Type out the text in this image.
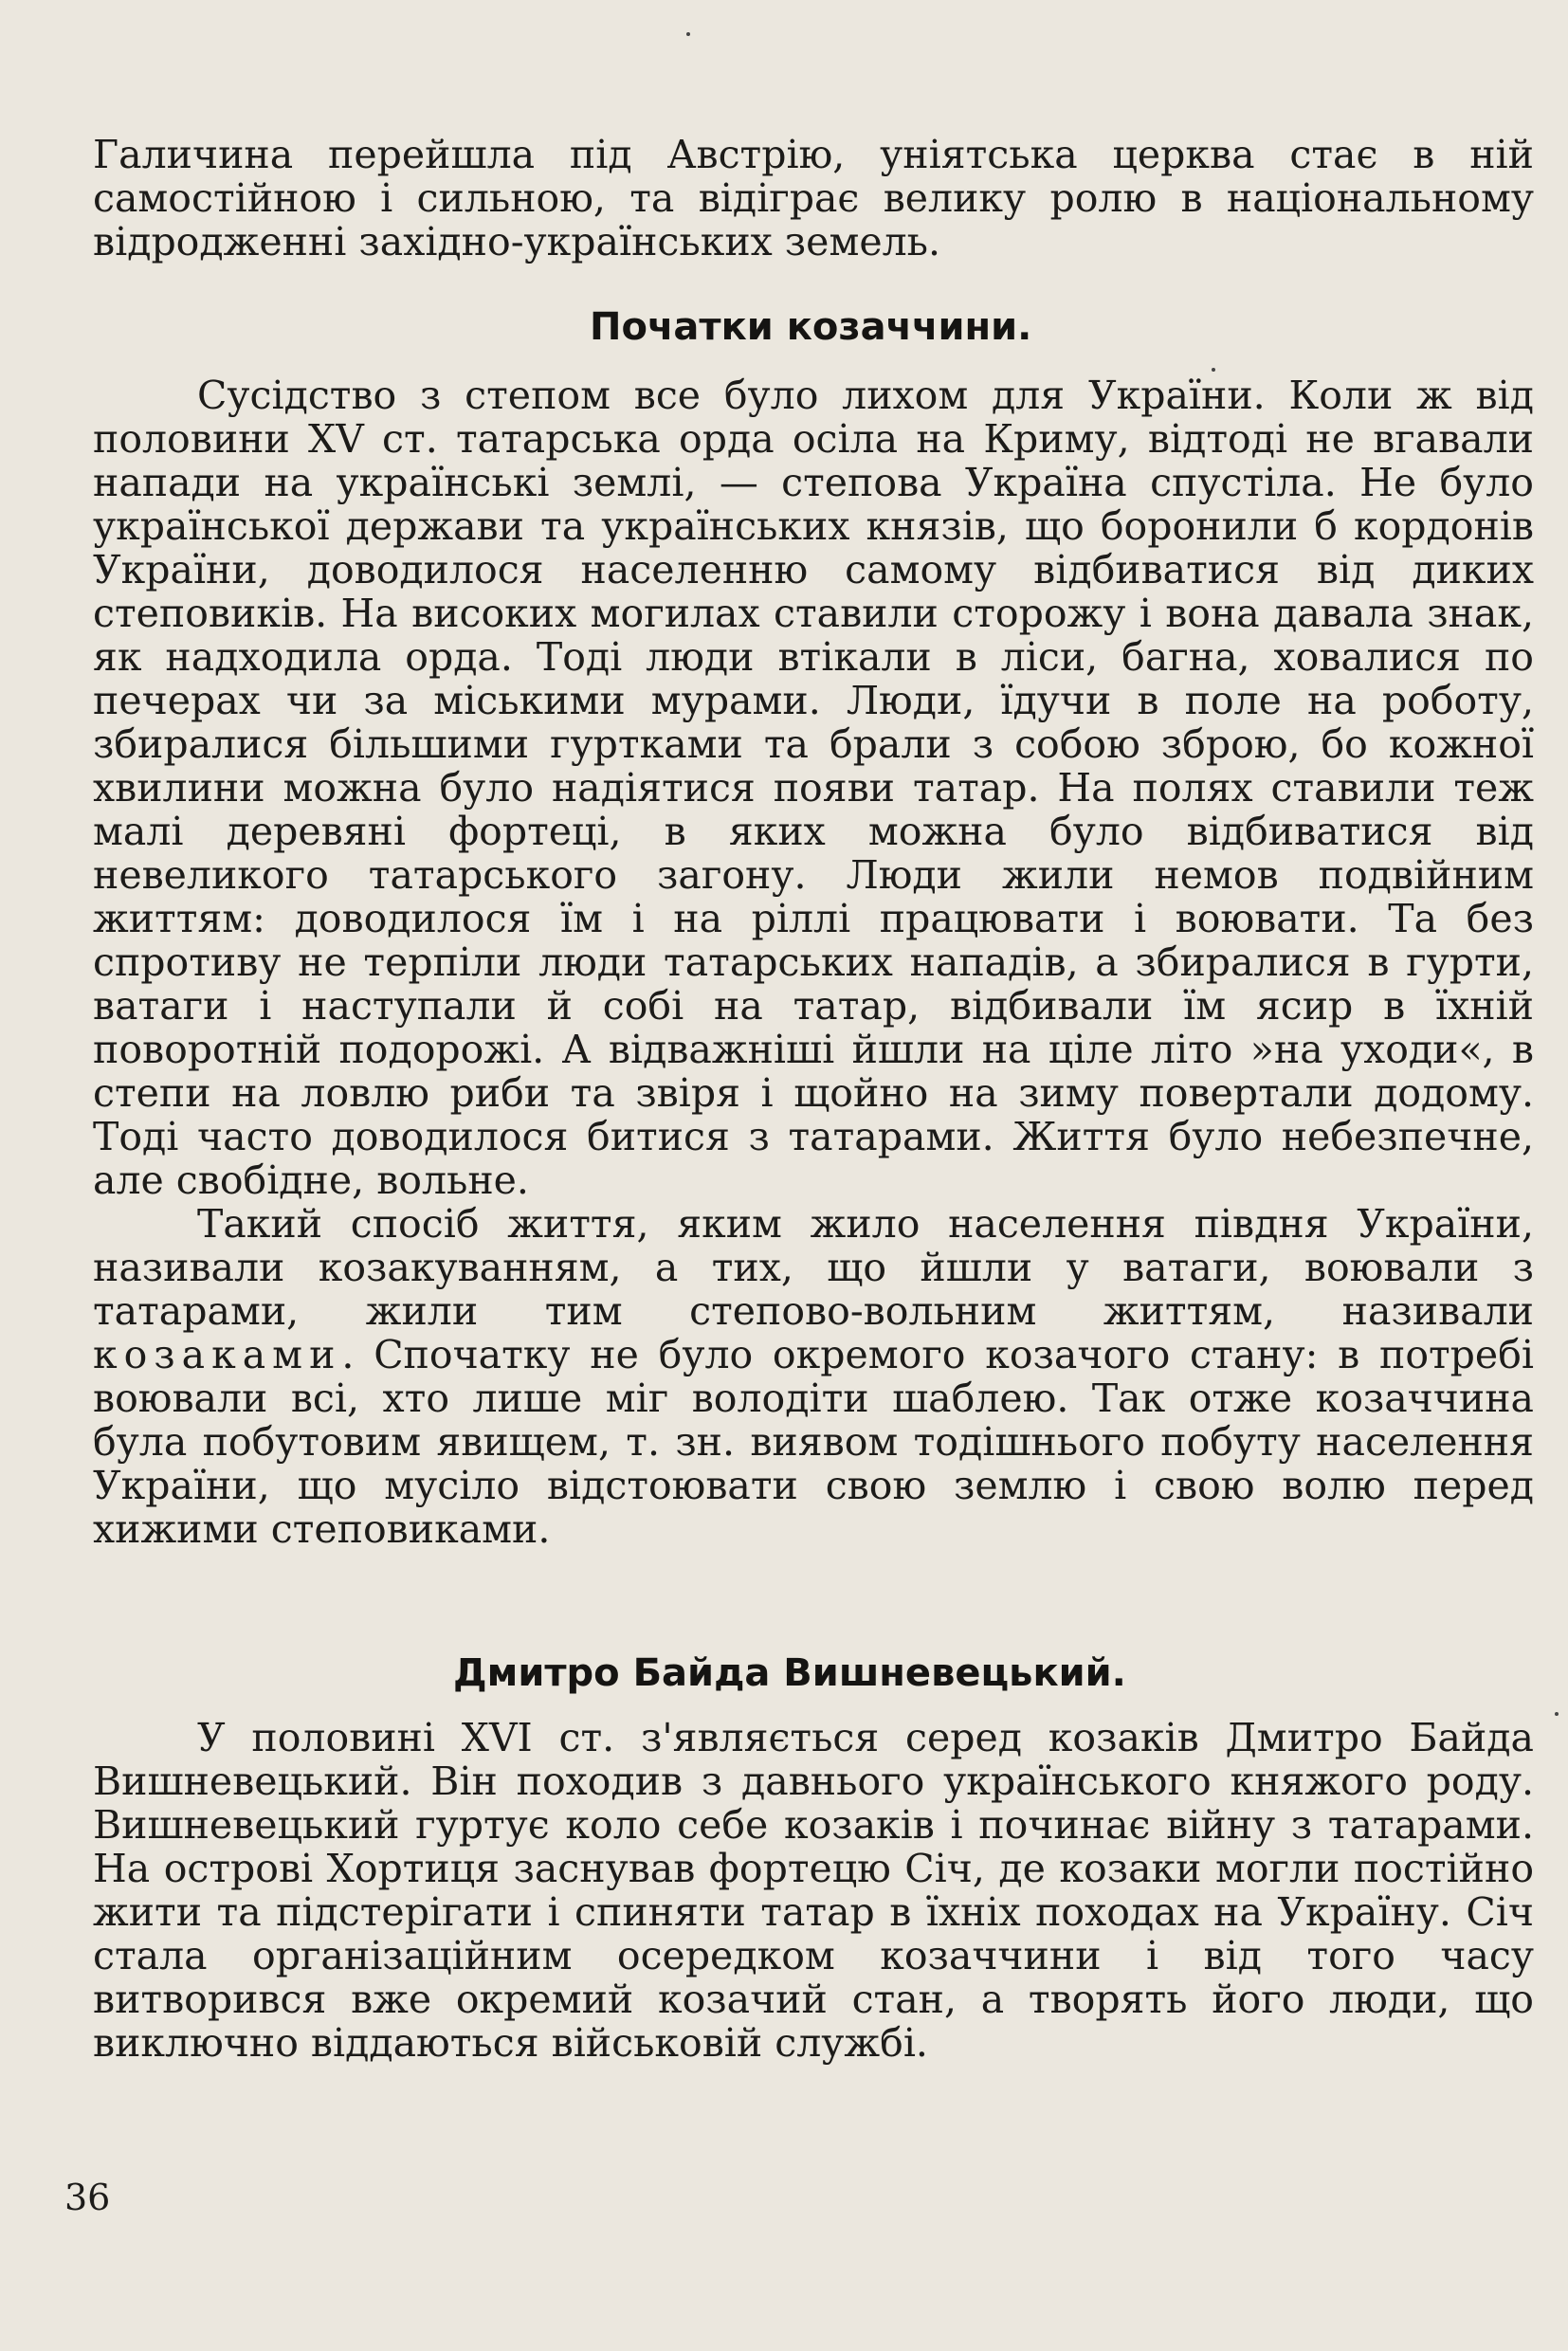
Галичина перейшла під Австрію, уніятська церква стає в ній самостійною і сильною, та відіграє велику ролю в національному відродженні західно-українських земель.

Початки козаччини.

Сусідство з степом все було лихом для України. Коли ж від половини XV ст. татарська орда осіла на Криму, відтоді не вгавали напади на українські землі, — степова Україна спустіла. Не було української держави та українських князів, що боронили б кордонів України, доводилося населенню самому відбиватися від диких степовиків. На високих могилах ставили сторожу і вона давала знак, як надходила орда. Тоді люди втікали в ліси, багна, ховалися по печерах чи за міськими мурами. Люди, їдучи в поле на роботу, збиралися більшими гуртками та брали з собою зброю, бо кожної хвилини можна було надіятися появи татар. На полях ставили теж малі деревяні фортеці, в яких можна було відбиватися від невеликого татарського загону. Люди жили немов подвійним життям: доводилося їм і на ріллі працювати і воювати. Та без спротиву не терпіли люди татарських нападів, а збиралися в гурти, ватаги і наступали й собі на татар, відбивали їм ясир в їхній поворотній подорожі. А відважніші йшли на ціле літо »на уходи«, в степи на ловлю риби та звіря і щойно на зиму повертали додому. Тоді часто доводилося битися з татарами. Життя було небезпечне, але свобідне, вольне.

Такий спосіб життя, яким жило населення півдня України, називали козакуванням, а тих, що йшли у ватаги, воювали з татарами, жили тим степово-вольним життям, називали козаками. Спочатку не було окремого козачого стану: в потребі воювали всі, хто лише міг володіти шаблею. Так отже козаччина була побутовим явищем, т. зн. виявом тодішнього побуту населення України, що мусіло відстоювати свою землю і свою волю перед хижими степовиками.

Дмитро Байда Вишневецький.

У половині XVI ст. з'являється серед козаків Дмитро Байда Вишневецький. Він походив з давнього українського княжого роду. Вишневецький гуртує коло себе козаків і починає війну з татарами. На острові Хортиця заснував фортецю Січ, де козаки могли постійно жити та підстерігати і спиняти татар в їхніх походах на Україну. Січ стала організаційним осередком козаччини і від того часу витворився вже окремий козачий стан, а творять його люди, що виключно віддаються військовій службі.

36
